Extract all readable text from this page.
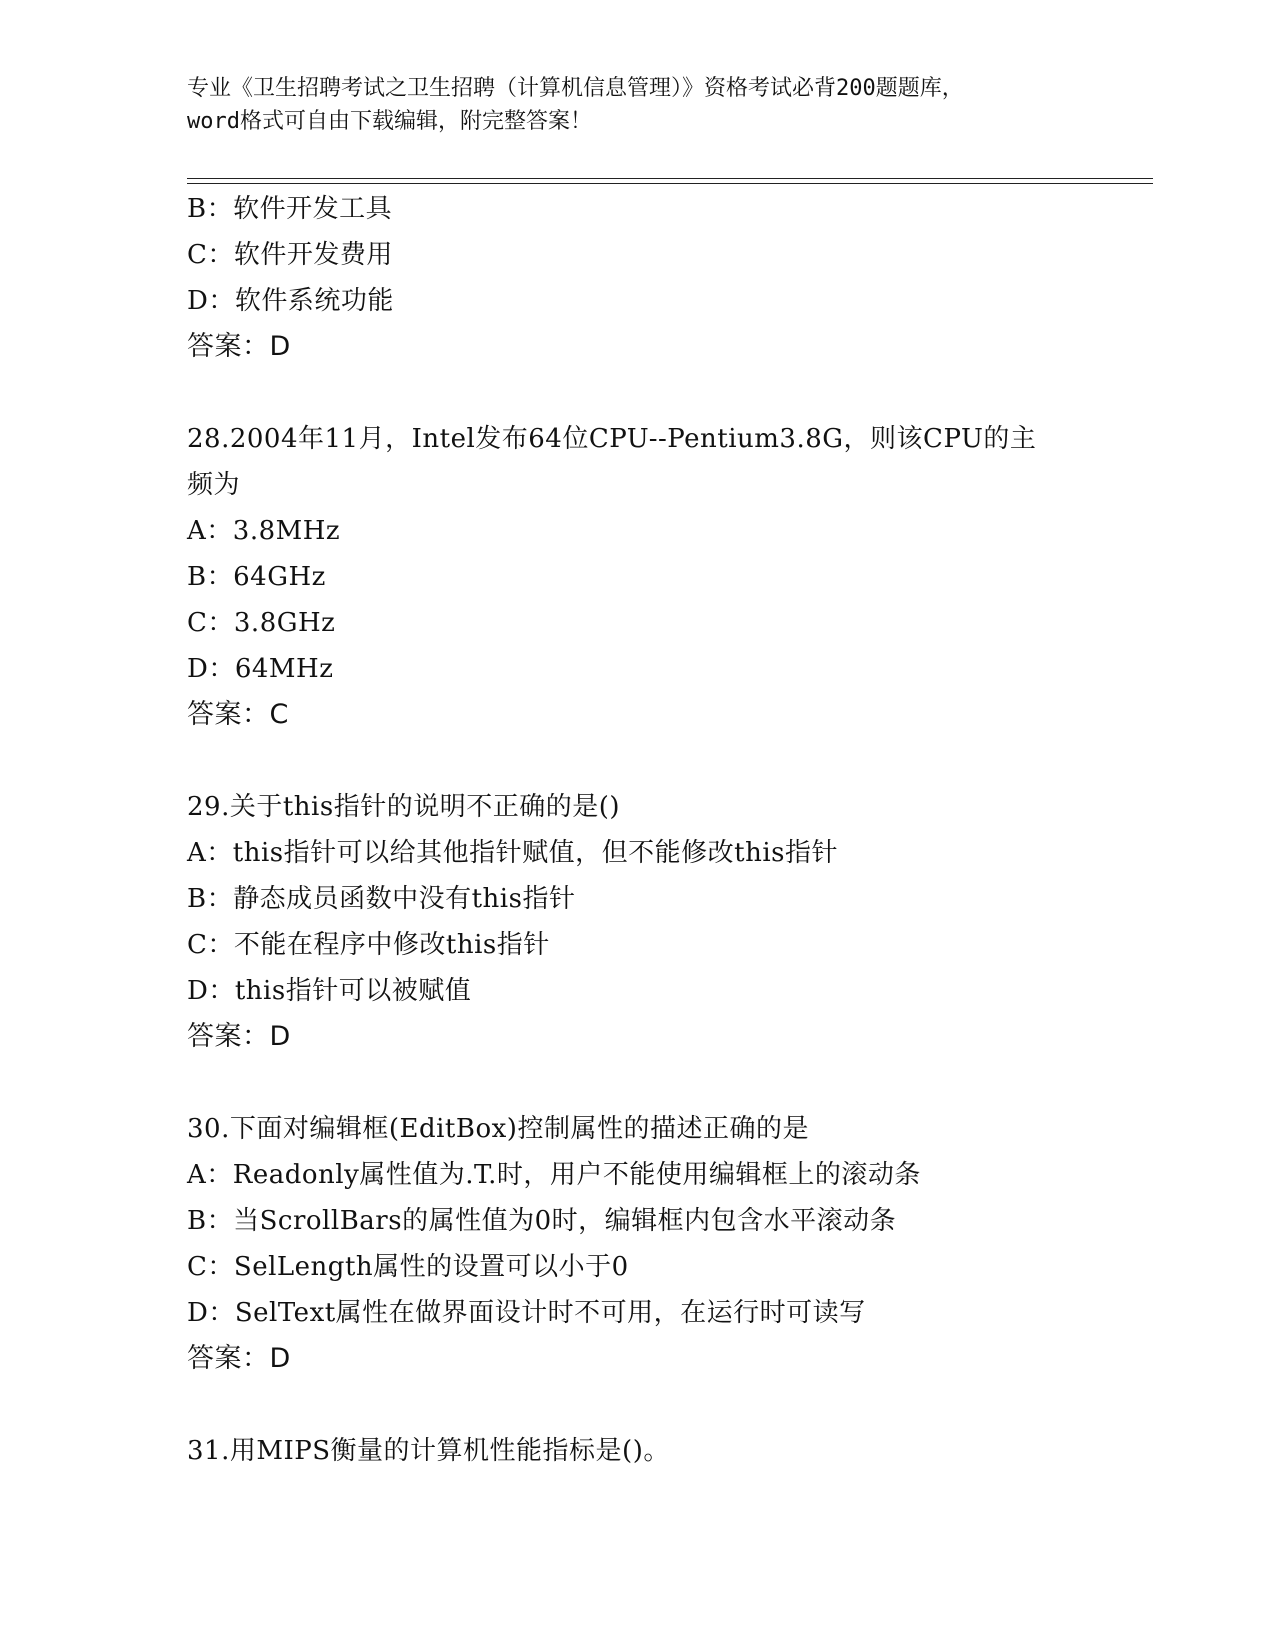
专业《卫生招聘考试之卫生招聘（计算机信息管理）》资格考试必背200题题库，
word格式可自由下载编辑，附完整答案！
B：软件开发工具
C：软件开发费用
D：软件系统功能
答案：D
28.2004年11月，Intel发布64位CPU--Pentium3.8G，则该CPU的主
频为
A：3.8MHz
B：64GHz
C：3.8GHz
D：64MHz
答案：C
29.关于this指针的说明不正确的是()
A：this指针可以给其他指针赋值，但不能修改this指针
B：静态成员函数中没有this指针
C：不能在程序中修改this指针
D：this指针可以被赋值
答案：D
30.下面对编辑框(EditBox)控制属性的描述正确的是
A：Readonly属性值为.T.时，用户不能使用编辑框上的滚动条
B：当ScrollBars的属性值为0时，编辑框内包含水平滚动条
C：SelLength属性的设置可以小于0
D：SelText属性在做界面设计时不可用，在运行时可读写
答案：D
31.用MIPS衡量的计算机性能指标是()。
